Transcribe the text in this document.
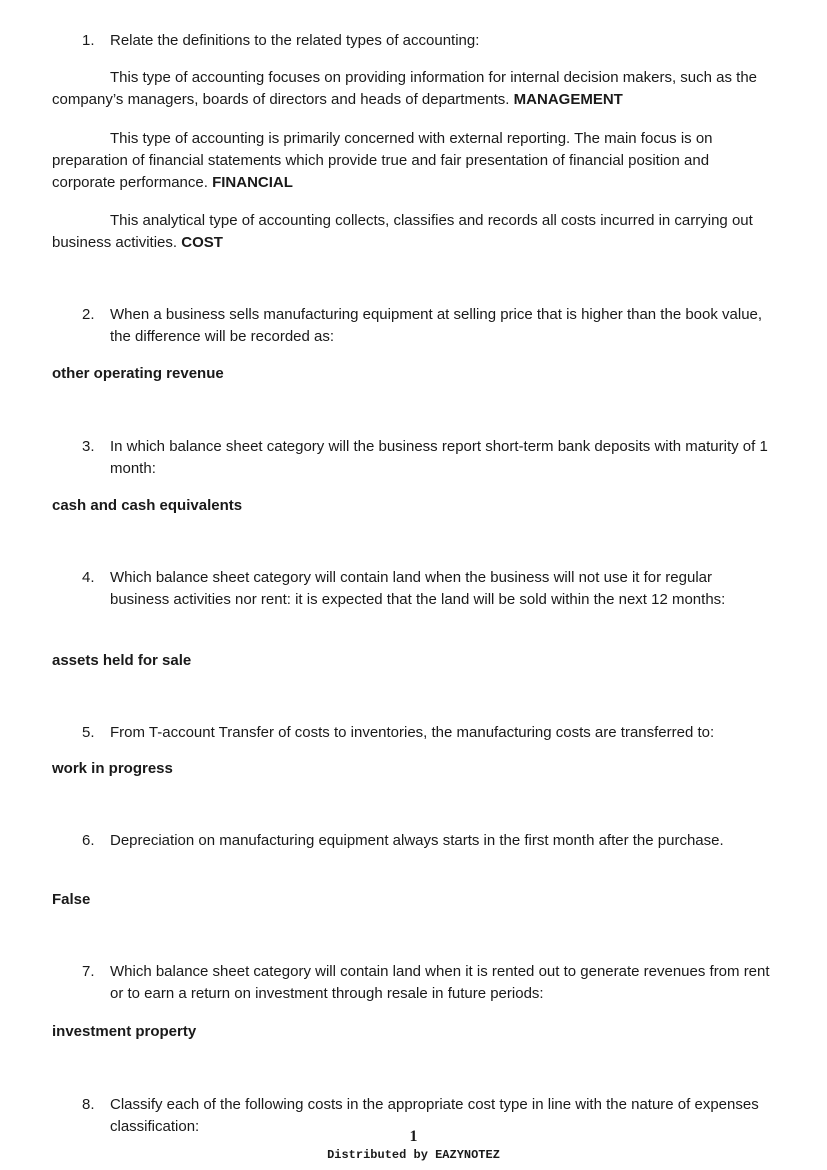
1.	Relate the definitions to the related types of accounting:
This type of accounting focuses on providing information for internal decision makers, such as the company’s managers, boards of directors and heads of departments. MANAGEMENT
This type of accounting is primarily concerned with external reporting. The main focus is on preparation of financial statements which provide true and fair presentation of financial position and corporate performance. FINANCIAL
This analytical type of accounting collects, classifies and records all costs incurred in carrying out business activities. COST
2.	When a business sells manufacturing equipment at selling price that is higher than the book value, the difference will be recorded as:
other operating revenue
3.	In which balance sheet category will the business report short-term bank deposits with maturity of 1 month:
cash and cash equivalents
4.	Which balance sheet category will contain land when the business will not use it for regular business activities nor rent: it is expected that the land will be sold within the next 12 months:
assets held for sale
5.	From T-account Transfer of costs to inventories, the manufacturing costs are transferred to:
work in progress
6.	Depreciation on manufacturing equipment always starts in the first month after the purchase.
False
7.	Which balance sheet category will contain land when it is rented out to generate revenues from rent or to earn a return on investment through resale in future periods:
investment property
8.	Classify each of the following costs in the appropriate cost type in line with the nature of expenses classification:
1
Distributed by EAZYNOTEZ
